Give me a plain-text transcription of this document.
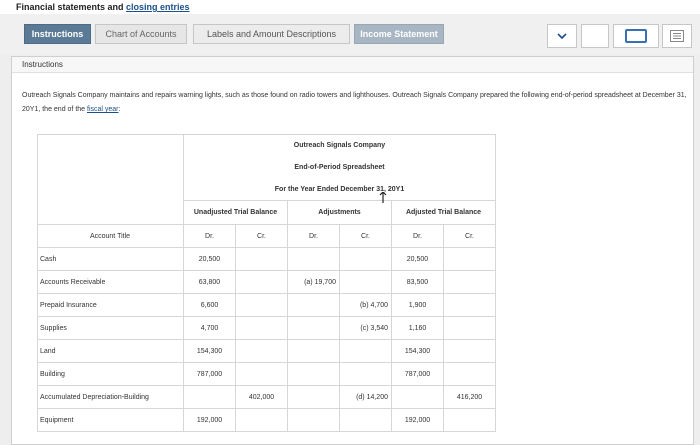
Financial statements and closing entries
Instructions	Chart of Accounts	Labels and Amount Descriptions	Income Statement
Instructions
Outreach Signals Company maintains and repairs warning lights, such as those found on radio towers and lighthouses. Outreach Signals Company prepared the following end-of-period spreadsheet at December 31, 20Y1, the end of the fiscal year:
	Outreach Signals Company					
	End-of-Period Spreadsheet					
	For the Year Ended December 31, 20Y1					
	Unadjusted Trial Balance		Adjustments		Adjusted Trial Balance	
Account Title	Dr.	Cr.	Dr.	Cr.	Dr.	Cr.
Cash	20,500				20,500	
Accounts Receivable	63,800		(a) 19,700		83,500	
Prepaid Insurance	6,600			(b) 4,700	1,900	
Supplies	4,700			(c) 3,540	1,160	
Land	154,300				154,300	
Building	787,000				787,000	
Accumulated Depreciation-Building		402,000		(d) 14,200		416,200
Equipment	192,000				192,000	
